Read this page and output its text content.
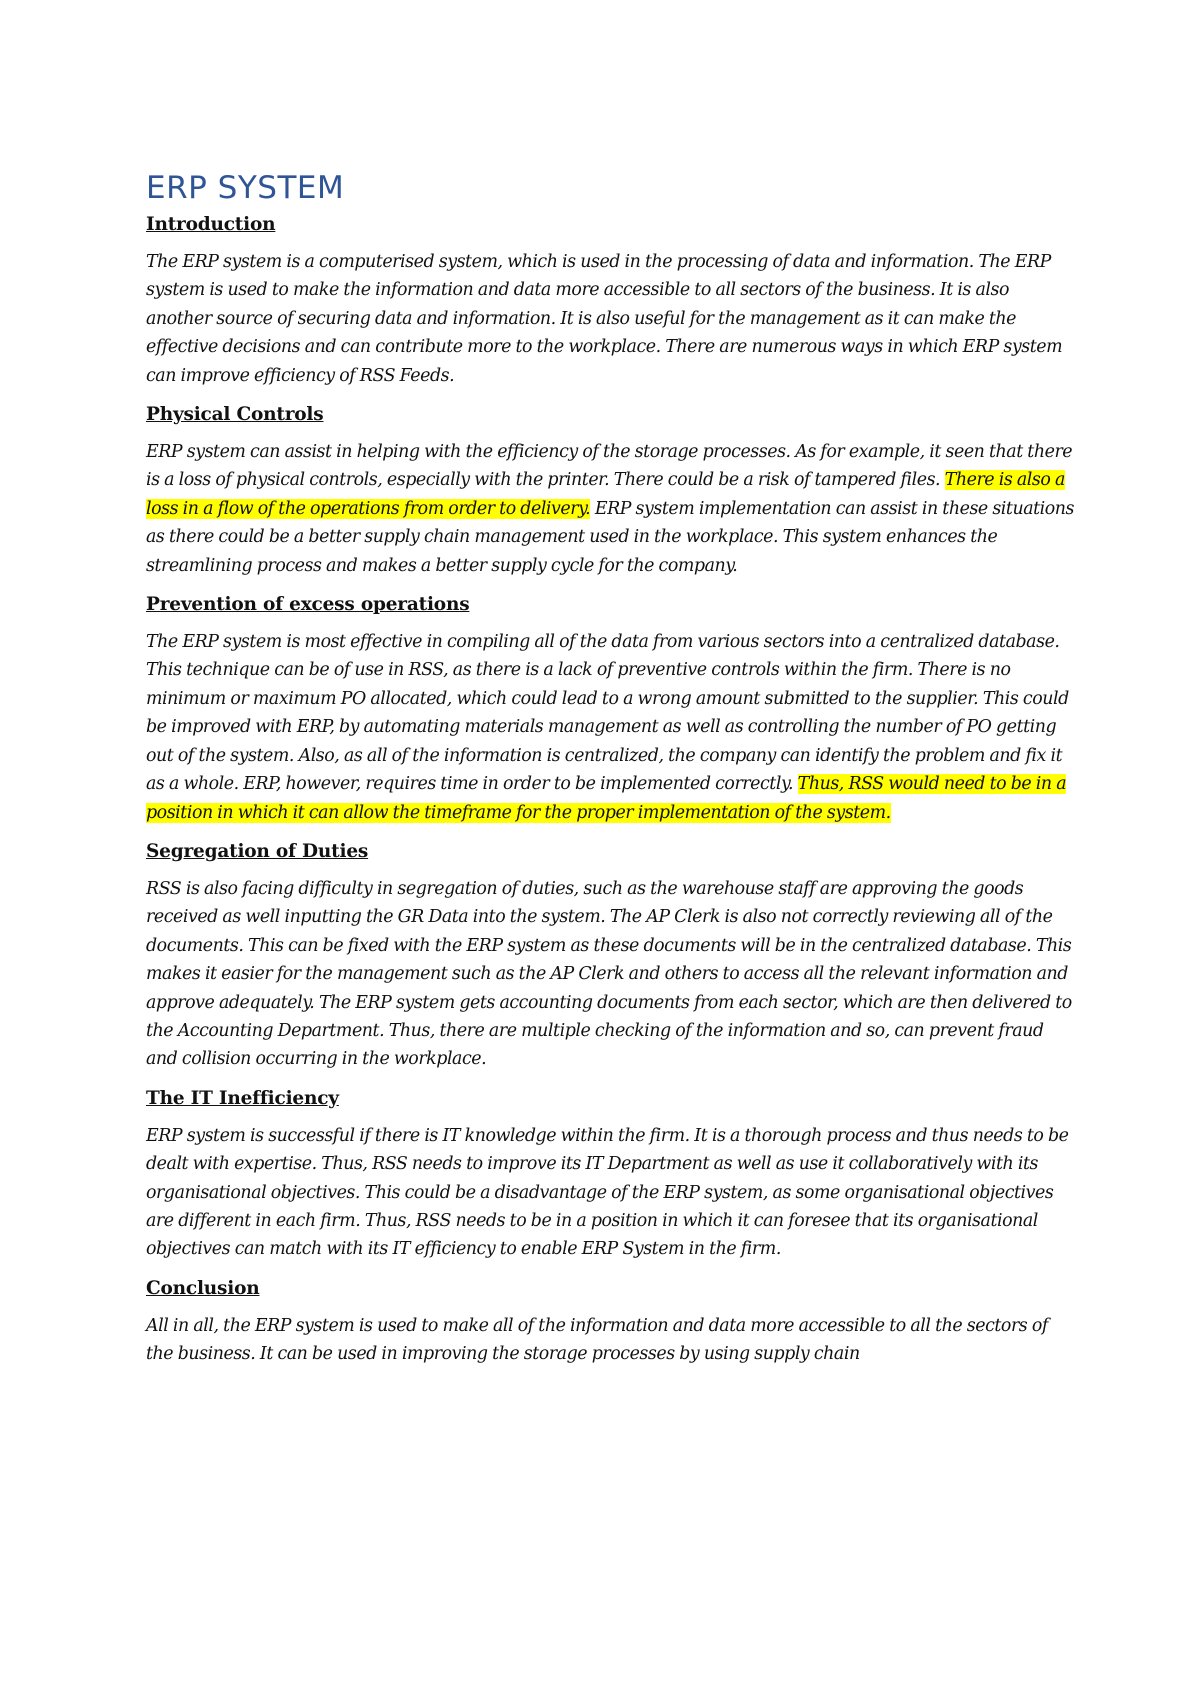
ERP SYSTEM
Introduction

The ERP system is a computerised system, which is used in the processing of data and information. The ERP system is used to make the information and data more accessible to all sectors of the business. It is also another source of securing data and information. It is also useful for the management as it can make the effective decisions and can contribute more to the workplace. There are numerous ways in which ERP system can improve efficiency of RSS Feeds.

Physical Controls

ERP system can assist in helping with the efficiency of the storage processes. As for example, it seen that there is a loss of physical controls, especially with the printer. There could be a risk of tampered files. There is also a loss in a flow of the operations from order to delivery. ERP system implementation can assist in these situations as there could be a better supply chain management used in the workplace. This system enhances the streamlining process and makes a better supply cycle for the company.

Prevention of excess operations

The ERP system is most effective in compiling all of the data from various sectors into a centralized database. This technique can be of use in RSS, as there is a lack of preventive controls within the firm. There is no minimum or maximum PO allocated, which could lead to a wrong amount submitted to the supplier. This could be improved with ERP, by automating materials management as well as controlling the number of PO getting out of the system. Also, as all of the information is centralized, the company can identify the problem and fix it as a whole. ERP, however, requires time in order to be implemented correctly. Thus, RSS would need to be in a position in which it can allow the timeframe for the proper implementation of the system.

Segregation of Duties

RSS is also facing difficulty in segregation of duties, such as the warehouse staff are approving the goods received as well inputting the GR Data into the system. The AP Clerk is also not correctly reviewing all of the documents. This can be fixed with the ERP system as these documents will be in the centralized database. This makes it easier for the management such as the AP Clerk and others to access all the relevant information and approve adequately. The ERP system gets accounting documents from each sector, which are then delivered to the Accounting Department. Thus, there are multiple checking of the information and so, can prevent fraud and collision occurring in the workplace.

The IT Inefficiency

ERP system is successful if there is IT knowledge within the firm. It is a thorough process and thus needs to be dealt with expertise. Thus, RSS needs to improve its IT Department as well as use it collaboratively with its organisational objectives. This could be a disadvantage of the ERP system, as some organisational objectives are different in each firm. Thus, RSS needs to be in a position in which it can foresee that its organisational objectives can match with its IT efficiency to enable ERP System in the firm.

Conclusion

All in all, the ERP system is used to make all of the information and data more accessible to all the sectors of the business. It can be used in improving the storage processes by using supply chain
